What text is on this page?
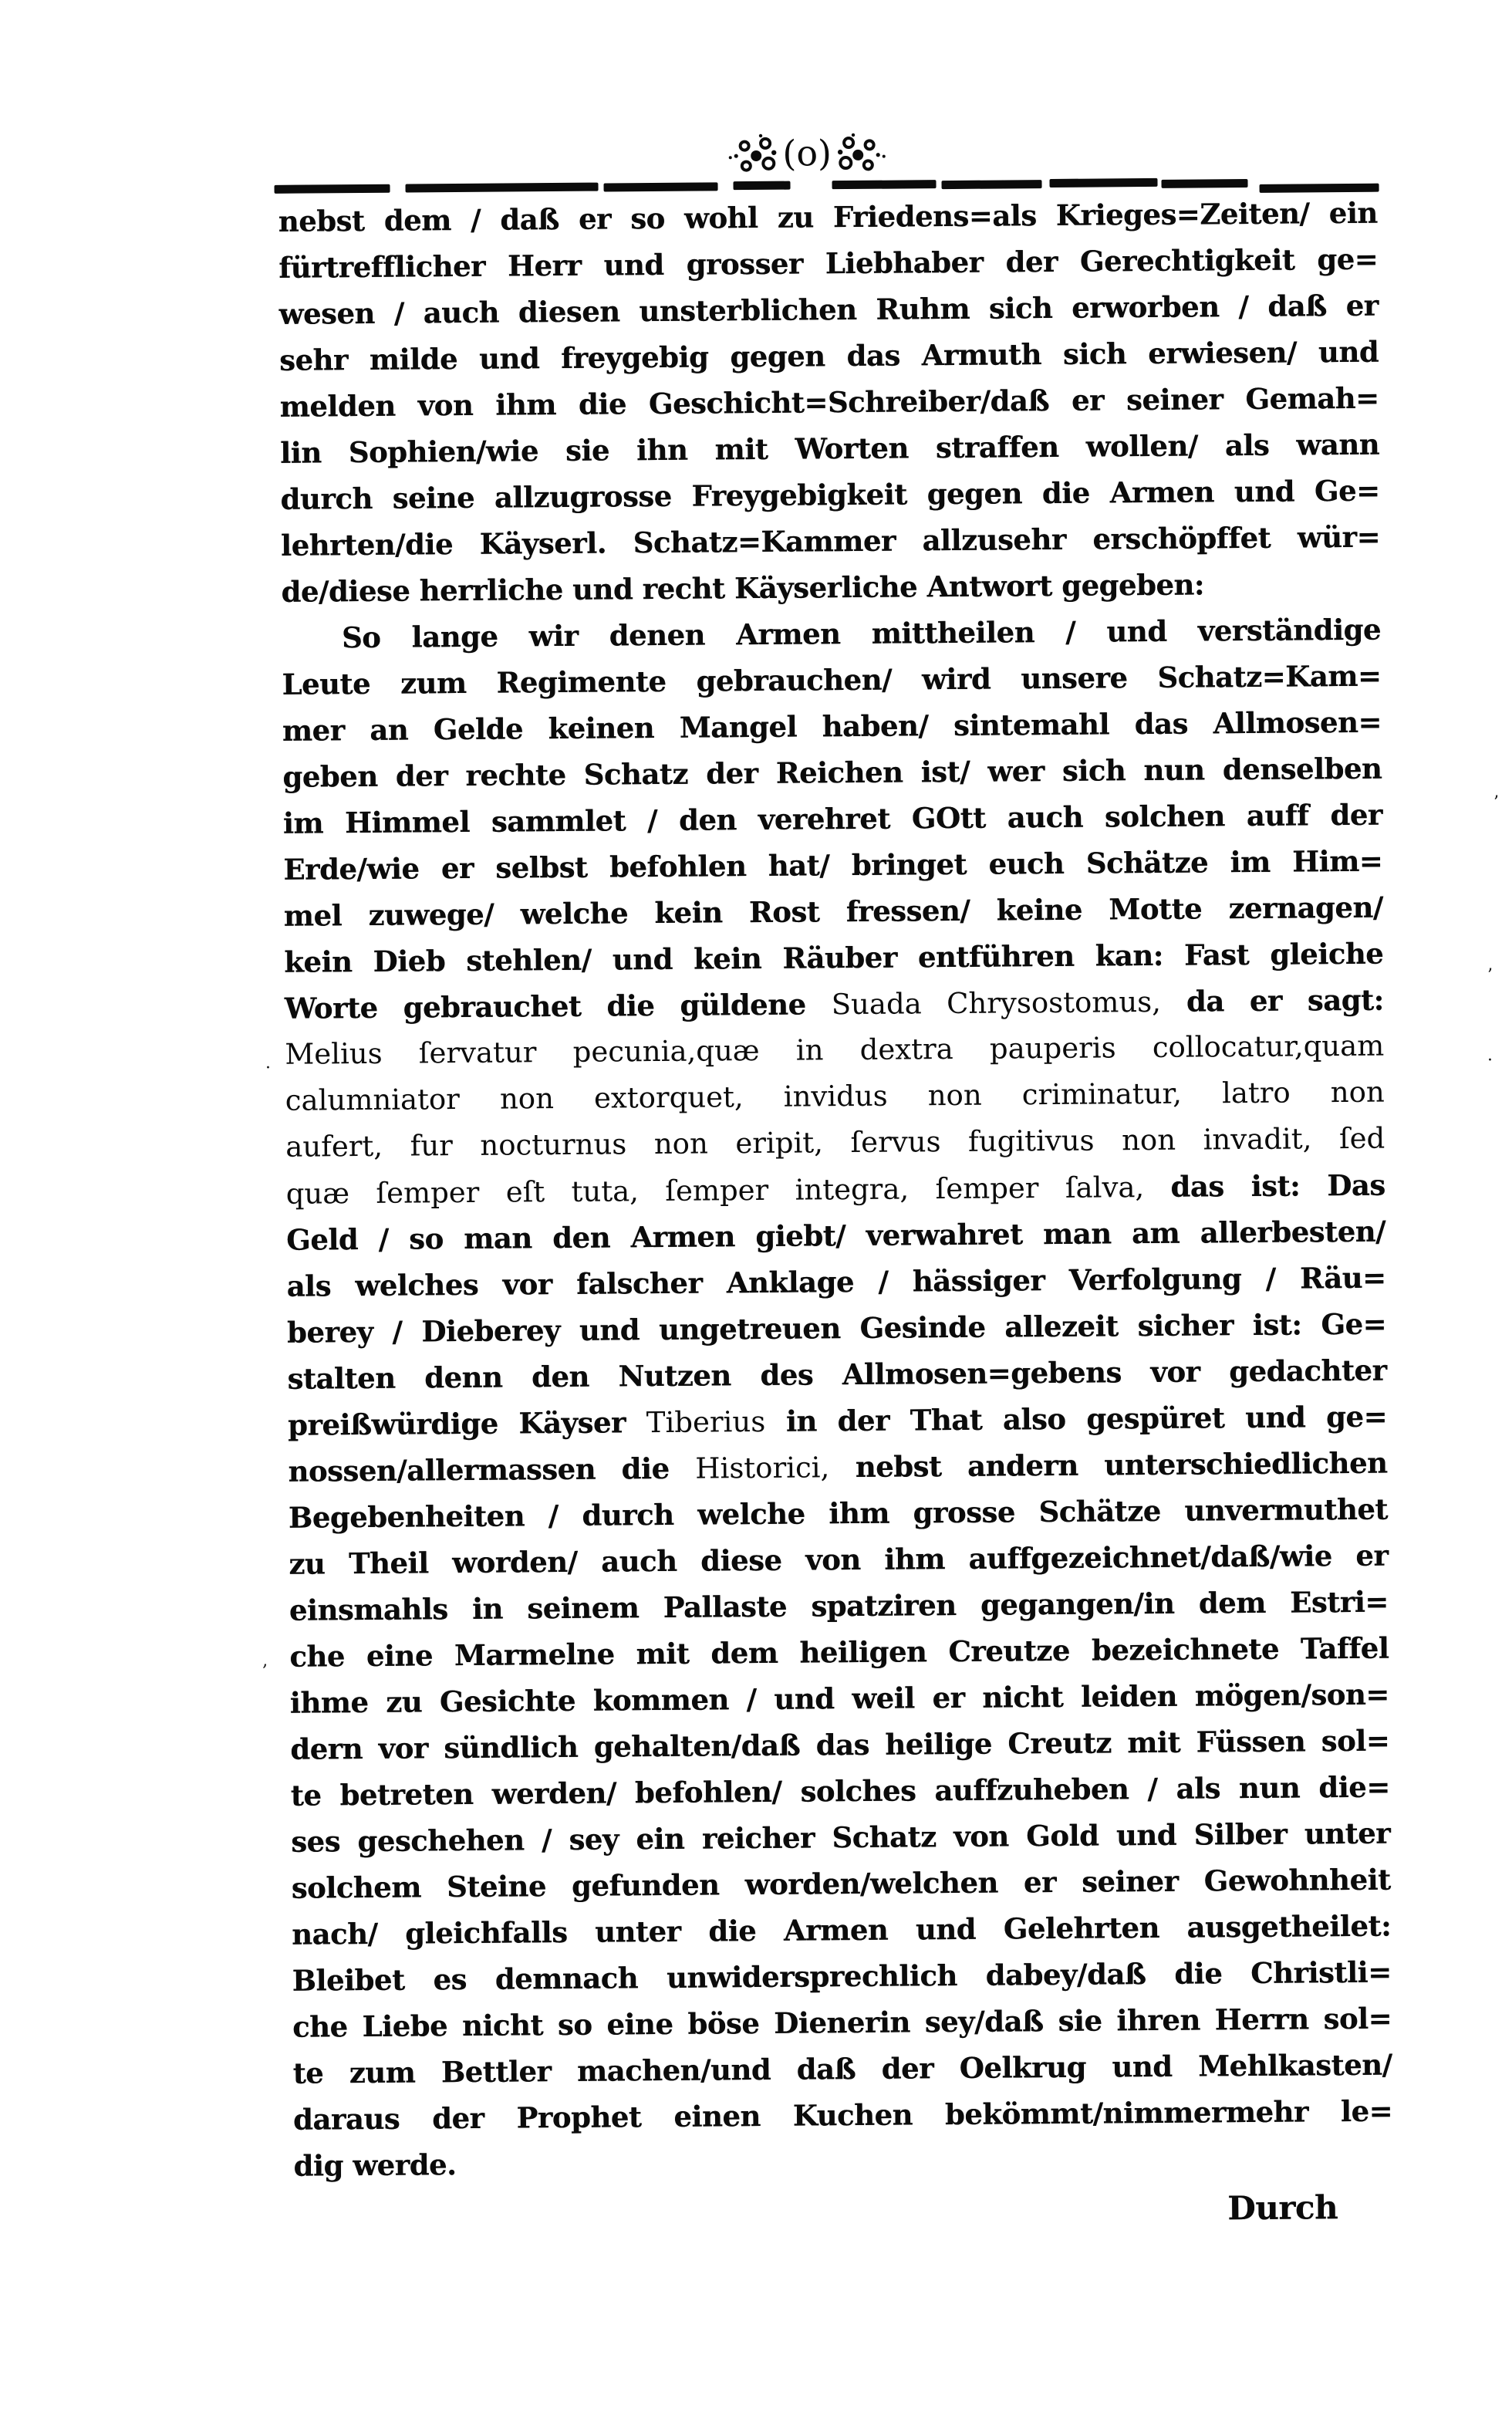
(o)
nebst dem / daß er so wohl zu Friedens=als Krieges=Zeiten/ ein
fürtrefflicher Herr und grosser Liebhaber der Gerechtigkeit ge=
wesen / auch diesen unsterblichen Ruhm sich erworben / daß er
sehr milde und freygebig gegen das Armuth sich erwiesen/ und
melden von ihm die Geschicht=Schreiber/daß er seiner Gemah=
lin Sophien/wie sie ihn mit Worten straffen wollen/ als wann
durch seine allzugrosse Freygebigkeit gegen die Armen und Ge=
lehrten/die Käyserl. Schatz=Kammer allzusehr erschöpffet wür=
de/diese herrliche und recht Käyserliche Antwort gegeben:
So lange wir denen Armen mittheilen / und verständige
Leute zum Regimente gebrauchen/ wird unsere Schatz=Kam=
mer an Gelde keinen Mangel haben/ sintemahl das Allmosen=
geben der rechte Schatz der Reichen ist/ wer sich nun denselben
im Himmel sammlet / den verehret GOtt auch solchen auff der
Erde/wie er selbst befohlen hat/ bringet euch Schätze im Him=
mel zuwege/ welche kein Rost fressen/ keine Motte zernagen/
kein Dieb stehlen/ und kein Räuber entführen kan: Fast gleiche
Worte gebrauchet die güldene Suada Chrysostomus, da er sagt:
Melius ſervatur pecunia,quæ in dextra pauperis collocatur,quam
calumniator non extorquet, invidus non criminatur, latro non
aufert, fur nocturnus non eripit, ſervus fugitivus non invadit, ſed
quæ ſemper eſt tuta, ſemper integra, ſemper ſalva, das ist: Das
Geld / so man den Armen giebt/ verwahret man am allerbesten/
als welches vor falscher Anklage / hässiger Verfolgung / Räu=
berey / Dieberey und ungetreuen Gesinde allezeit sicher ist: Ge=
stalten denn den Nutzen des Allmosen=gebens vor gedachter
preißwürdige Käyser Tiberius in der That also gespüret und ge=
nossen/allermassen die Historici, nebst andern unterschiedlichen
Begebenheiten / durch welche ihm grosse Schätze unvermuthet
zu Theil worden/ auch diese von ihm auffgezeichnet/daß/wie er
einsmahls in seinem Pallaste spatziren gegangen/in dem Estri=
che eine Marmelne mit dem heiligen Creutze bezeichnete Taffel
ihme zu Gesichte kommen / und weil er nicht leiden mögen/son=
dern vor sündlich gehalten/daß das heilige Creutz mit Füssen sol=
te betreten werden/ befohlen/ solches auffzuheben / als nun die=
ses geschehen / sey ein reicher Schatz von Gold und Silber unter
solchem Steine gefunden worden/welchen er seiner Gewohnheit
nach/ gleichfalls unter die Armen und Gelehrten ausgetheilet:
Bleibet es demnach unwidersprechlich dabey/daß die Christli=
che Liebe nicht so eine böse Dienerin sey/daß sie ihren Herrn sol=
te zum Bettler machen/und daß der Oelkrug und Mehlkasten/
daraus der Prophet einen Kuchen bekömmt/nimmermehr le=
dig werde.
Durch
’
’
·
·
‚
